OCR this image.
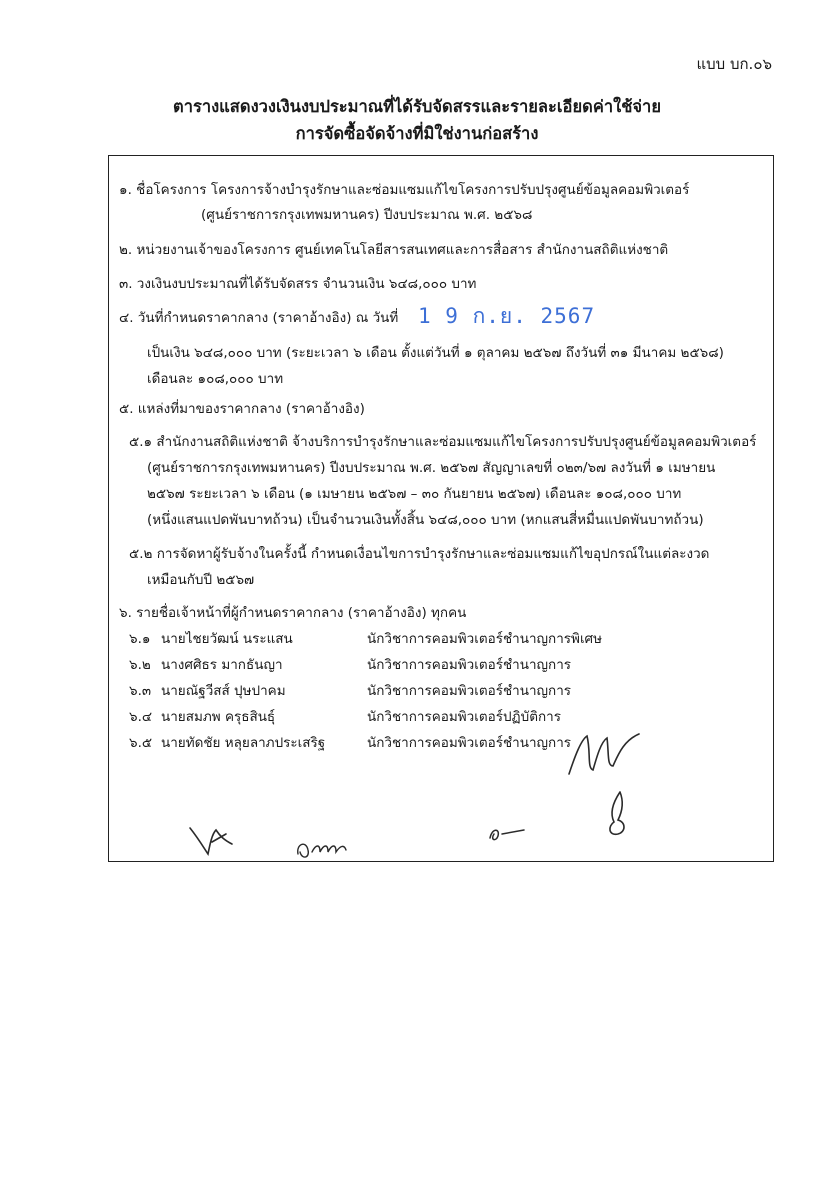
แบบ บก.๐๖
ตารางแสดงวงเงินงบประมาณที่ได้รับจัดสรรและรายละเอียดค่าใช้จ่าย
การจัดซื้อจัดจ้างที่มิใช่งานก่อสร้าง
๑. ชื่อโครงการ โครงการจ้างบำรุงรักษาและซ่อมแซมแก้ไขโครงการปรับปรุงศูนย์ข้อมูลคอมพิวเตอร์
(ศูนย์ราชการกรุงเทพมหานคร) ปีงบประมาณ พ.ศ. ๒๕๖๘
๒. หน่วยงานเจ้าของโครงการ ศูนย์เทคโนโลยีสารสนเทศและการสื่อสาร สำนักงานสถิติแห่งชาติ
๓. วงเงินงบประมาณที่ได้รับจัดสรร จำนวนเงิน ๖๔๘,๐๐๐ บาท
๔. วันที่กำหนดราคากลาง (ราคาอ้างอิง) ณ วันที่
เป็นเงิน ๖๔๘,๐๐๐ บาท (ระยะเวลา ๖ เดือน ตั้งแต่วันที่ ๑ ตุลาคม ๒๕๖๗ ถึงวันที่ ๓๑ มีนาคม ๒๕๖๘)
เดือนละ ๑๐๘,๐๐๐ บาท
๕. แหล่งที่มาของราคากลาง (ราคาอ้างอิง)
๕.๑ สำนักงานสถิติแห่งชาติ จ้างบริการบำรุงรักษาและซ่อมแซมแก้ไขโครงการปรับปรุงศูนย์ข้อมูลคอมพิวเตอร์
(ศูนย์ราชการกรุงเทพมหานคร) ปีงบประมาณ พ.ศ. ๒๕๖๗ สัญญาเลขที่ ๐๒๓/๖๗ ลงวันที่ ๑ เมษายน
๒๕๖๗ ระยะเวลา ๖ เดือน (๑ เมษายน ๒๕๖๗ – ๓๐ กันยายน ๒๕๖๗) เดือนละ ๑๐๘,๐๐๐ บาท
(หนึ่งแสนแปดพันบาทถ้วน) เป็นจำนวนเงินทั้งสิ้น ๖๔๘,๐๐๐ บาท (หกแสนสี่หมื่นแปดพันบาทถ้วน)
๕.๒ การจัดหาผู้รับจ้างในครั้งนี้ กำหนดเงื่อนไขการบำรุงรักษาและซ่อมแซมแก้ไขอุปกรณ์ในแต่ละงวด
เหมือนกับปี ๒๕๖๗
๖. รายชื่อเจ้าหน้าที่ผู้กำหนดราคากลาง (ราคาอ้างอิง) ทุกคน
๖.๑ นายไชยวัฒน์ นระแสน	นักวิชาการคอมพิวเตอร์ชำนาญการพิเศษ
๖.๒ นางศศิธร มากธันญา	นักวิชาการคอมพิวเตอร์ชำนาญการ
๖.๓ นายณัฐวีสส์ ปุษปาคม	นักวิชาการคอมพิวเตอร์ชำนาญการ
๖.๔ นายสมภพ ครุธสินธุ์	นักวิชาการคอมพิวเตอร์ปฏิบัติการ
๖.๕ นายทัดชัย หลุยลาภประเสริฐ	นักวิชาการคอมพิวเตอร์ชำนาญการ
1 9 ก.ย. 2567
